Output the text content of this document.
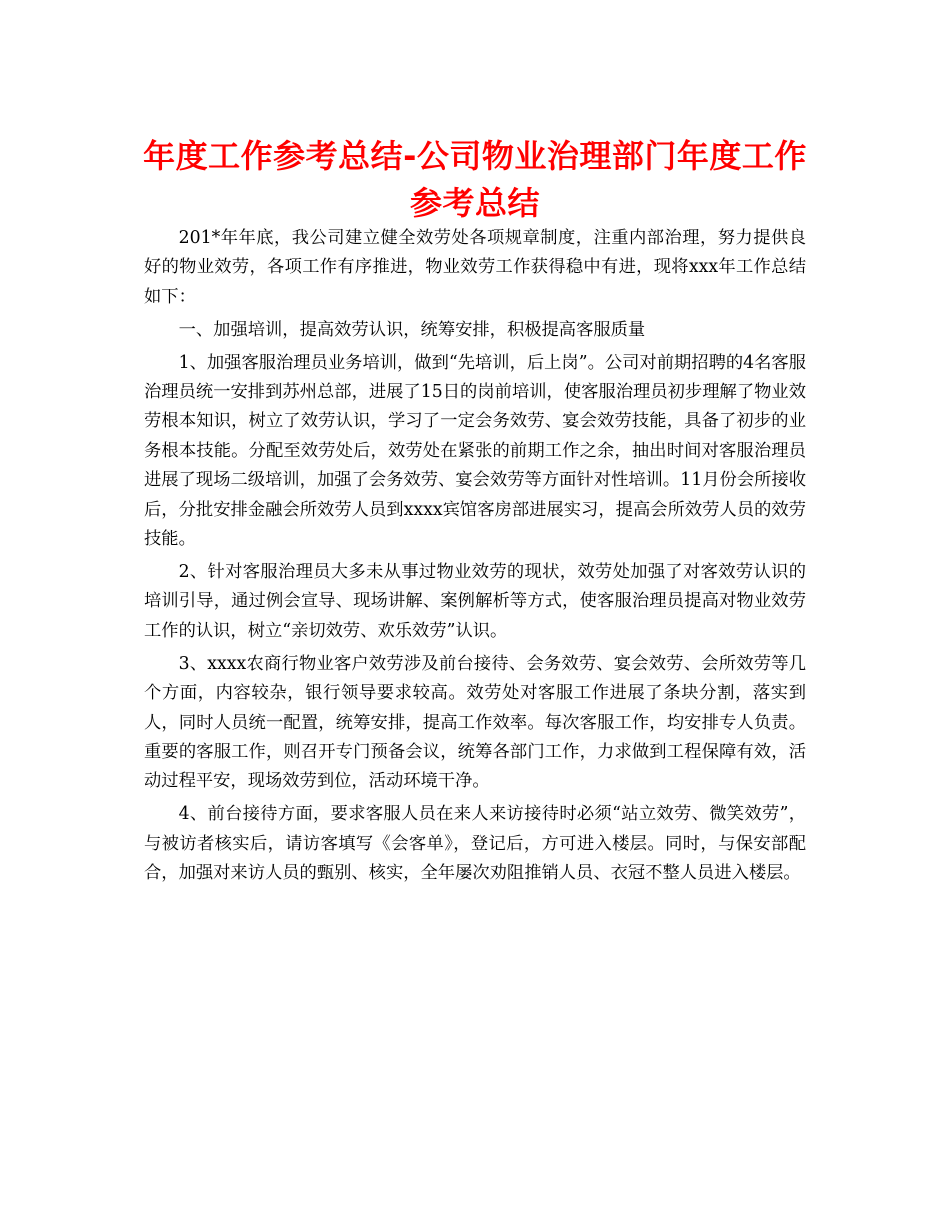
年度工作参考总结-公司物业治理部门年度工作参考总结

201*年年底，我公司建立健全效劳处各项规章制度，注重内部治理，努力提供良好的物业效劳，各项工作有序推进，物业效劳工作获得稳中有进，现将xxx年工作总结如下：

一、加强培训，提高效劳认识，统筹安排，积极提高客服质量

1、加强客服治理员业务培训，做到“先培训，后上岗”。公司对前期招聘的4名客服治理员统一安排到苏州总部，进展了15日的岗前培训，使客服治理员初步理解了物业效劳根本知识，树立了效劳认识，学习了一定会务效劳、宴会效劳技能，具备了初步的业务根本技能。分配至效劳处后，效劳处在紧张的前期工作之余，抽出时间对客服治理员进展了现场二级培训，加强了会务效劳、宴会效劳等方面针对性培训。11月份会所接收后，分批安排金融会所效劳人员到xxxx宾馆客房部进展实习，提高会所效劳人员的效劳技能。

2、针对客服治理员大多未从事过物业效劳的现状，效劳处加强了对客效劳认识的培训引导，通过例会宣导、现场讲解、案例解析等方式，使客服治理员提高对物业效劳工作的认识，树立“亲切效劳、欢乐效劳”认识。

3、xxxx农商行物业客户效劳涉及前台接待、会务效劳、宴会效劳、会所效劳等几个方面，内容较杂，银行领导要求较高。效劳处对客服工作进展了条块分割，落实到人，同时人员统一配置，统筹安排，提高工作效率。每次客服工作，均安排专人负责。重要的客服工作，则召开专门预备会议，统筹各部门工作，力求做到工程保障有效，活动过程平安，现场效劳到位，活动环境干净。

4、前台接待方面，要求客服人员在来人来访接待时必须“站立效劳、微笑效劳”，与被访者核实后，请访客填写《会客单》，登记后，方可进入楼层。同时，与保安部配合，加强对来访人员的甄别、核实，全年屡次劝阻推销人员、衣冠不整人员进入楼层。
